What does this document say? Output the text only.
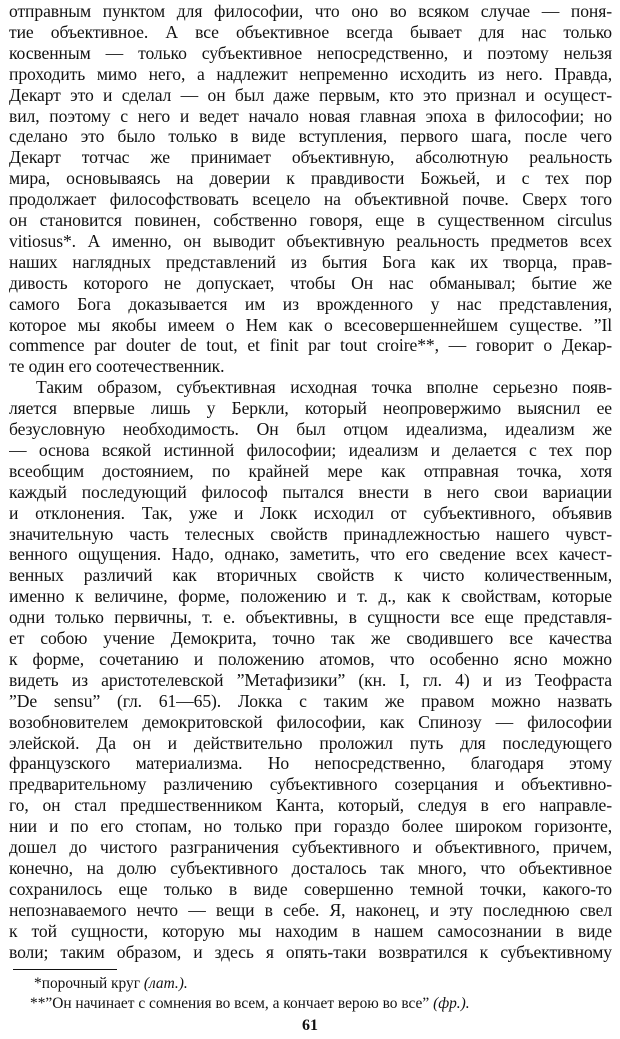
отправным пунктом для философии, что оно во всяком случае — поня-
тие объективное. А все объективное всегда бывает для нас только
косвенным — только субъективное непосредственно, и поэтому нельзя
проходить мимо него, а надлежит непременно исходить из него. Правда,
Декарт это и сделал — он был даже первым, кто это признал и осущест-
вил, поэтому с него и ведет начало новая главная эпоха в философии; но
сделано это было только в виде вступления, первого шага, после чего
Декарт тотчас же принимает объективную, абсолютную реальность
мира, основываясь на доверии к правдивости Божьей, и с тех пор
продолжает философствовать всецело на объективной почве. Сверх того
он становится повинен, собственно говоря, еще в существенном circulus
vitiosus*. А именно, он выводит объективную реальность предметов всех
наших наглядных представлений из бытия Бога как их творца, прав-
дивость которого не допускает, чтобы Он нас обманывал; бытие же
самого Бога доказывается им из врожденного у нас представления,
которое мы якобы имеем о Нем как о всесовершеннейшем существе. ”Il
commence par douter de tout, et finit par tout croire**, — говорит о Декар-
те один его соотечественник.
Таким образом, субъективная исходная точка вполне серьезно появ-
ляется впервые лишь у Беркли, который неопровержимо выяснил ее
безусловную необходимость. Он был отцом идеализма, идеализм же
— основа всякой истинной философии; идеализм и делается с тех пор
всеобщим достоянием, по крайней мере как отправная точка, хотя
каждый последующий философ пытался внести в него свои вариации
и отклонения. Так, уже и Локк исходил от субъективного, объявив
значительную часть телесных свойств принадлежностью нашего чувст-
венного ощущения. Надо, однако, заметить, что его сведение всех качест-
венных различий как вторичных свойств к чисто количественным,
именно к величине, форме, положению и т. д., как к свойствам, которые
одни только первичны, т. е. объективны, в сущности все еще представля-
ет собою учение Демокрита, точно так же сводившего все качества
к форме, сочетанию и положению атомов, что особенно ясно можно
видеть из аристотелевской ”Метафизики” (кн. I, гл. 4) и из Теофраста
”De sensu” (гл. 61—65). Локка с таким же правом можно назвать
возобновителем демокритовской философии, как Спинозу — философии
элейской. Да он и действительно проложил путь для последующего
французского материализма. Но непосредственно, благодаря этому
предварительному различению субъективного созерцания и объективно-
го, он стал предшественником Канта, который, следуя в его направле-
нии и по его стопам, но только при гораздо более широком горизонте,
дошел до чистого разграничения субъективного и объективного, причем,
конечно, на долю субъективного досталось так много, что объективное
сохранилось еще только в виде совершенно темной точки, какого-то
непознаваемого нечто — вещи в себе. Я, наконец, и эту последнюю свел
к той сущности, которую мы находим в нашем самосознании в виде
воли; таким образом, и здесь я опять-таки возвратился к субъективному
*порочный круг (лат.).
**”Он начинает с сомнения во всем, а кончает верою во все” (фр.).
61
